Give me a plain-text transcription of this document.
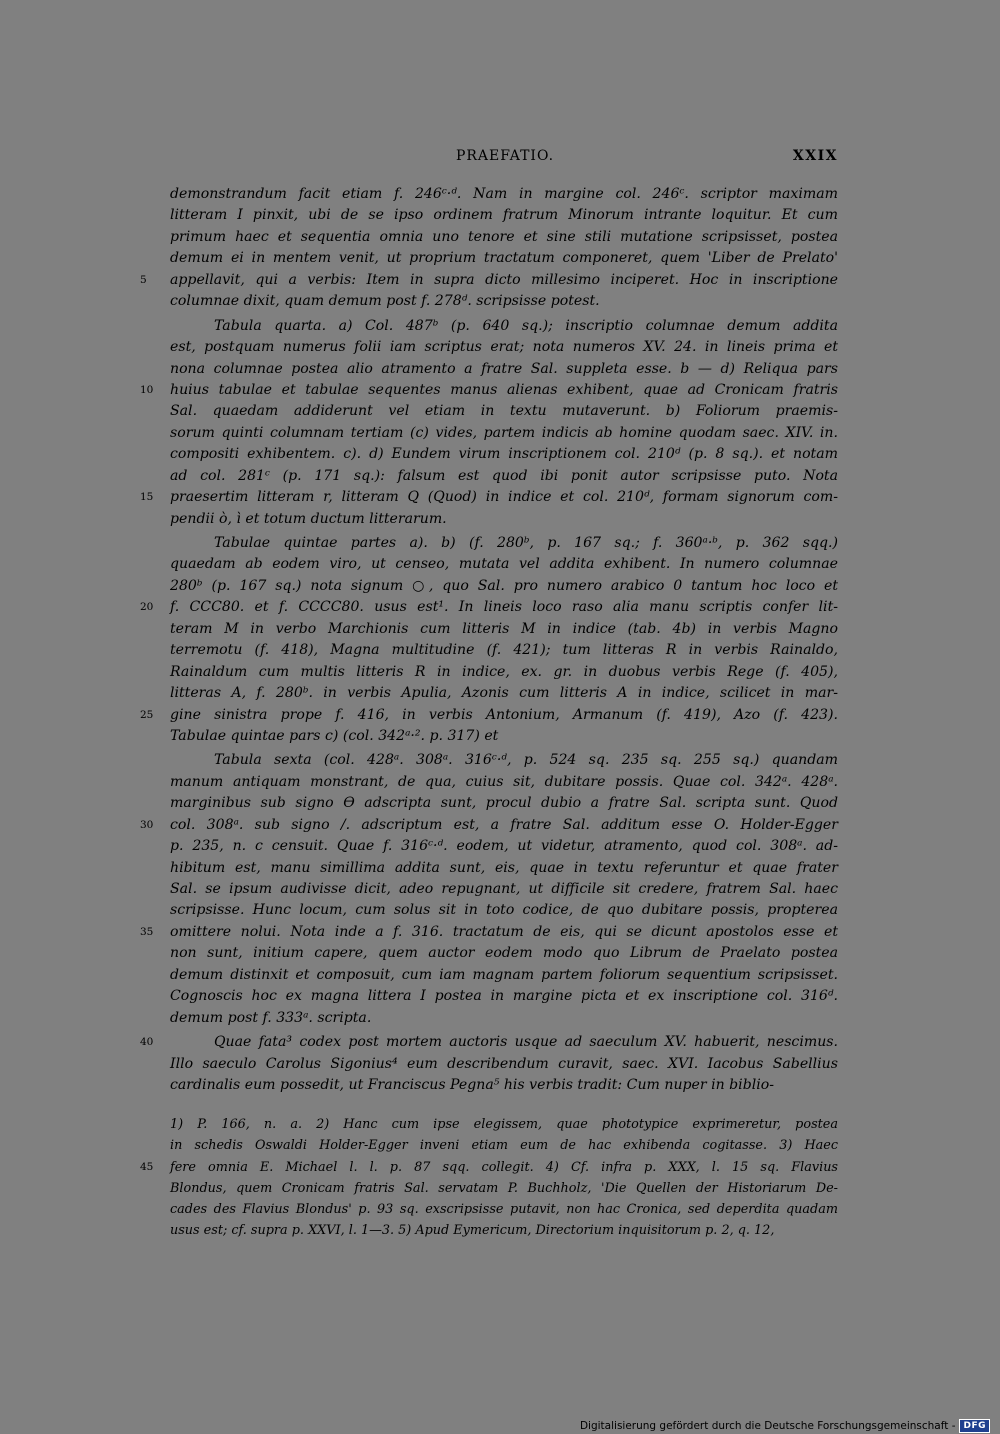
PRAEFATIO.	XXIX
demonstrandum facit etiam f. 246ᶜ·ᵈ. Nam in margine col. 246ᶜ. scriptor maximam
litteram I pinxit, ubi de se ipso ordinem fratrum Minorum intrante loquitur. Et cum
primum haec et sequentia omnia uno tenore et sine stili mutatione scripsisset, postea
demum ei in mentem venit, ut proprium tractatum componeret, quem 'Liber de Prelato'
5	appellavit, qui a verbis: Item in supra dicto millesimo inciperet. Hoc in inscriptione
columnae dixit, quam demum post f. 278ᵈ. scripsisse potest.
Tabula quarta. a) Col. 487ᵇ (p. 640 sq.); inscriptio columnae demum addita
est, postquam numerus folii iam scriptus erat; nota numeros XV. 24. in lineis prima et
nona columnae postea alio atramento a fratre Sal. suppleta esse. b — d) Reliqua pars
10	huius tabulae et tabulae sequentes manus alienas exhibent, quae ad Cronicam fratris
Sal. quaedam addiderunt vel etiam in textu mutaverunt. b) Foliorum praemis-
sorum quinti columnam tertiam (c) vides, partem indicis ab homine quodam saec. XIV. in.
compositi exhibentem. c). d) Eundem virum inscriptionem col. 210ᵈ (p. 8 sq.). et notam
ad col. 281ᶜ (p. 171 sq.): falsum est quod ibi ponit autor scripsisse puto. Nota
15	praesertim litteram r, litteram Q (Quod) in indice et col. 210ᵈ, formam signorum com-
pendii ò, ì et totum ductum litterarum.
Tabulae quintae partes a). b) (f. 280ᵇ, p. 167 sq.; f. 360ᵃ·ᵇ, p. 362 sqq.)
quaedam ab eodem viro, ut censeo, mutata vel addita exhibent. In numero columnae
280ᵇ (p. 167 sq.) nota signum ○, quo Sal. pro numero arabico 0 tantum hoc loco et
20	f. CCC80. et f. CCCC80. usus est¹. In lineis loco raso alia manu scriptis confer lit-
teram M in verbo Marchionis cum litteris M in indice (tab. 4b) in verbis Magno
terremotu (f. 418), Magna multitudine (f. 421); tum litteras R in verbis Rainaldo,
Rainaldum cum multis litteris R in indice, ex. gr. in duobus verbis Rege (f. 405),
litteras A, f. 280ᵇ. in verbis Apulia, Azonis cum litteris A in indice, scilicet in mar-
25	gine sinistra prope f. 416, in verbis Antonium, Armanum (f. 419), Azo (f. 423).
Tabulae quintae pars c) (col. 342ᵃ·². p. 317) et
Tabula sexta (col. 428ᵃ. 308ᵃ. 316ᶜ·ᵈ, p. 524 sq. 235 sq. 255 sq.) quandam
manum antiquam monstrant, de qua, cuius sit, dubitare possis. Quae col. 342ᵃ. 428ᵃ.
marginibus sub signo ϴ adscripta sunt, procul dubio a fratre Sal. scripta sunt. Quod
30	col. 308ᵃ. sub signo /. adscriptum est, a fratre Sal. additum esse O. Holder-Egger
p. 235, n. c censuit. Quae f. 316ᶜ·ᵈ. eodem, ut videtur, atramento, quod col. 308ᵃ. ad-
hibitum est, manu simillima addita sunt, eis, quae in textu referuntur et quae frater
Sal. se ipsum audivisse dicit, adeo repugnant, ut difficile sit credere, fratrem Sal. haec
scripsisse. Hunc locum, cum solus sit in toto codice, de quo dubitare possis, propterea
35	omittere nolui. Nota inde a f. 316. tractatum de eis, qui se dicunt apostolos esse et
non sunt, initium capere, quem auctor eodem modo quo Librum de Praelato postea
demum distinxit et composuit, cum iam magnam partem foliorum sequentium scripsisset.
Cognoscis hoc ex magna littera I postea in margine picta et ex inscriptione col. 316ᵈ.
demum post f. 333ᵃ. scripta.
40	Quae fata³ codex post mortem auctoris usque ad saeculum XV. habuerit, nescimus.
Illo saeculo Carolus Sigonius⁴ eum describendum curavit, saec. XVI. Iacobus Sabellius
cardinalis eum possedit, ut Franciscus Pegna⁵ his verbis tradit: Cum nuper in biblio-
1) P. 166, n. a. 2) Hanc cum ipse elegissem, quae phototypice exprimeretur, postea
in schedis Oswaldi Holder-Egger inveni etiam eum de hac exhibenda cogitasse. 3) Haec
45	fere omnia E. Michael l. l. p. 87 sqq. collegit. 4) Cf. infra p. XXX, l. 15 sq. Flavius
Blondus, quem Cronicam fratris Sal. servatam P. Buchholz, 'Die Quellen der Historiarum De-
cades des Flavius Blondus' p. 93 sq. exscripsisse putavit, non hac Cronica, sed deperdita quadam
usus est; cf. supra p. XXVI, l. 1—3. 5) Apud Eymericum, Directorium inquisitorum p. 2, q. 12,
Digitalisierung gefördert durch die Deutsche Forschungsgemeinschaft - DFG
